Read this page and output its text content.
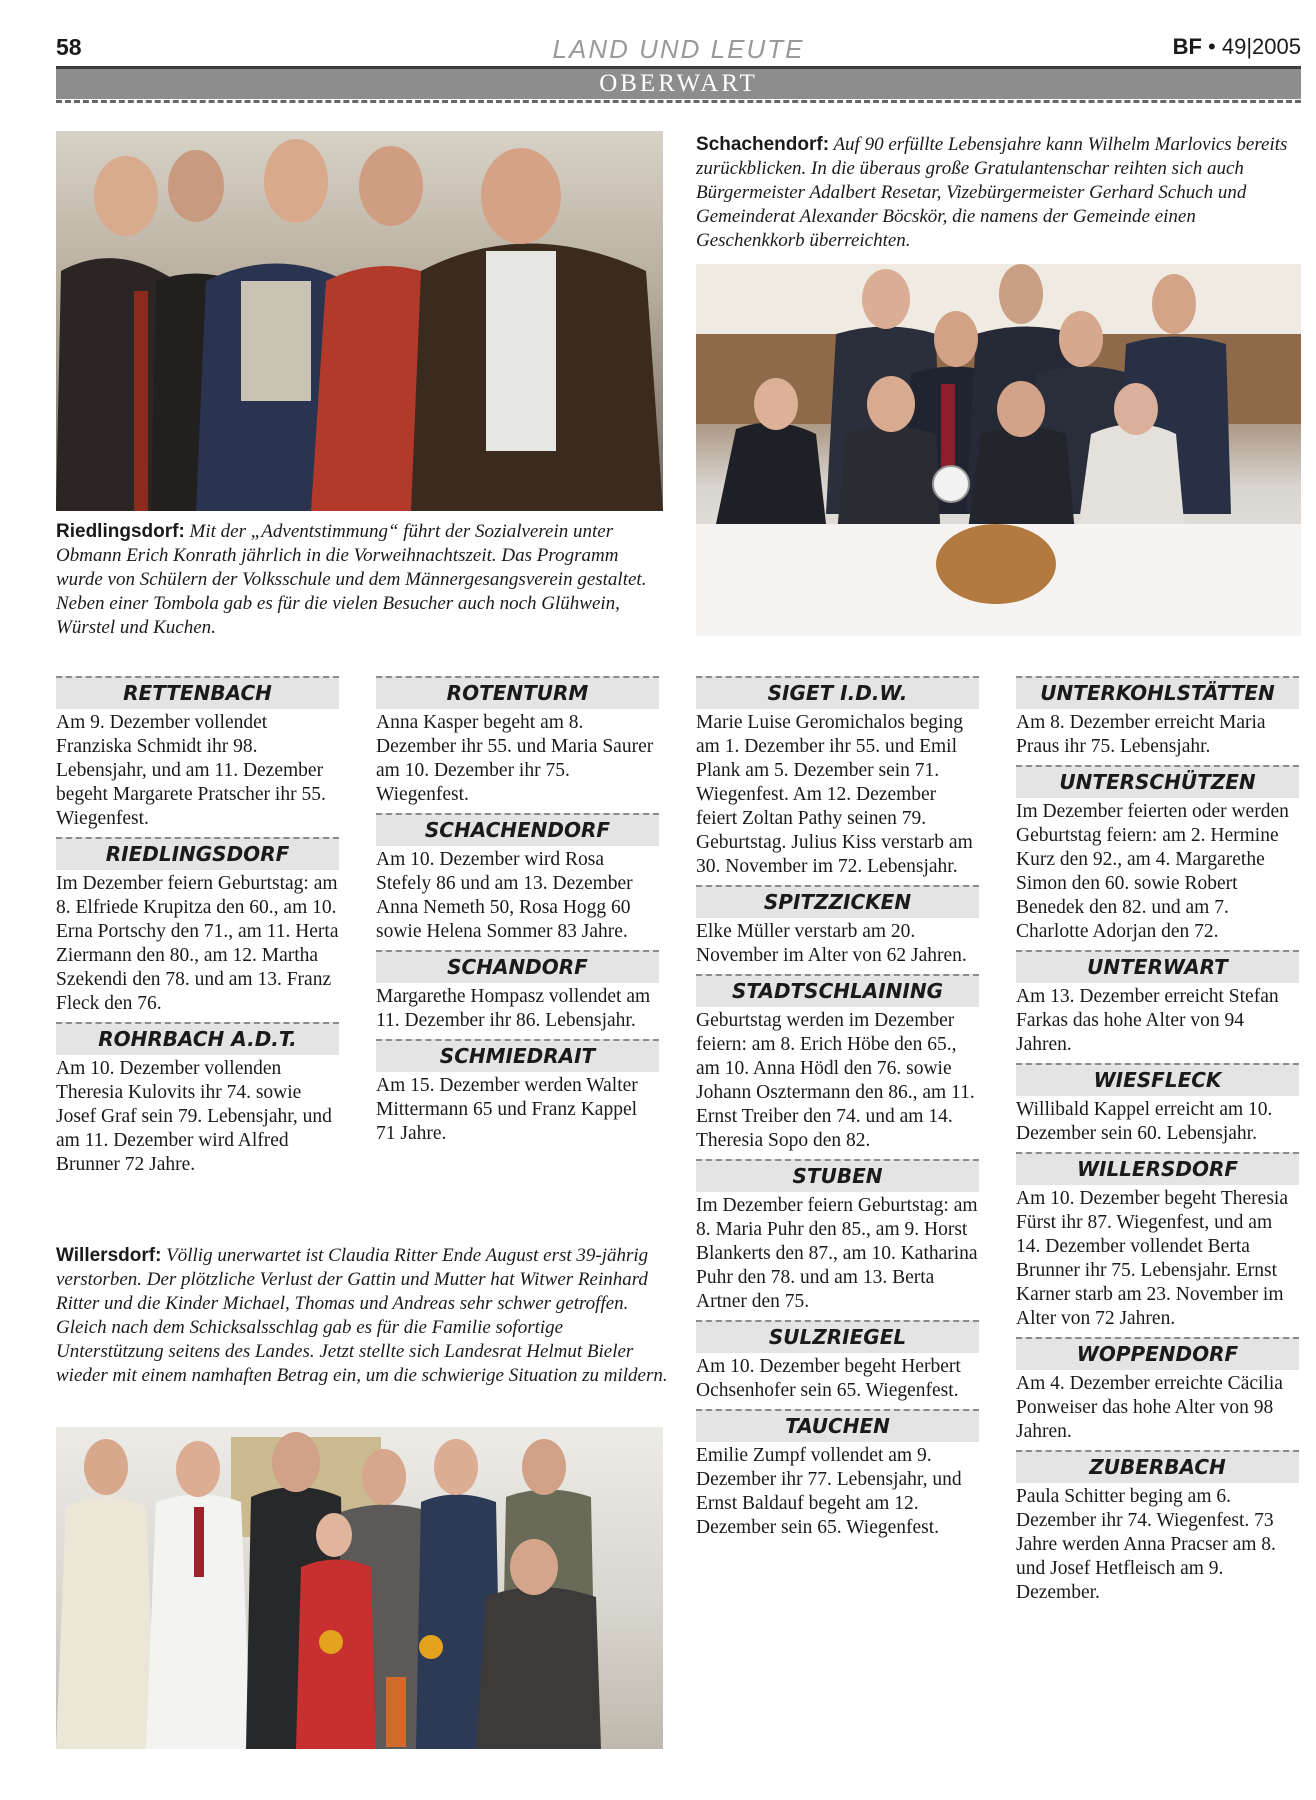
58	LAND UND LEUTE	BF • 49|2005
OBERWART

Riedlingsdorf: Mit der „Adventstimmung“ führt der Sozialverein unter Obmann Erich Konrath jährlich in die Vorweihnachtszeit. Das Programm wurde von Schülern der Volksschule und dem Männergesangsverein gestaltet. Neben einer Tombola gab es für die vielen Besucher auch noch Glühwein, Würstel und Kuchen.

Schachendorf: Auf 90 erfüllte Lebensjahre kann Wilhelm Marlovics bereits zurückblicken. In die überaus große Gratulantenschar reihten sich auch Bürgermeister Adalbert Resetar, Vizebürgermeister Gerhard Schuch und Gemeinderat Alexander Böcskör, die namens der Gemeinde einen Geschenkkorb überreichten.

Willersdorf: Völlig unerwartet ist Claudia Ritter Ende August erst 39-jährig verstorben. Der plötzliche Verlust der Gattin und Mutter hat Witwer Reinhard Ritter und die Kinder Michael, Thomas und Andreas sehr schwer getroffen. Gleich nach dem Schicksalsschlag gab es für die Familie sofortige Unterstützung seitens des Landes. Jetzt stellte sich Landesrat Helmut Bieler wieder mit einem namhaften Betrag ein, um die schwierige Situation zu mildern.

RETTENBACH

Am 9. Dezember vollendet Franziska Schmidt ihr 98. Lebensjahr, und am 11. Dezember begeht Margarete Pratscher ihr 55. Wiegenfest.

RIEDLINGSDORF

Im Dezember feiern Geburtstag: am 8. Elfriede Krupitza den 60., am 10. Erna Portschy den 71., am 11. Herta Ziermann den 80., am 12. Martha Szekendi den 78. und am 13. Franz Fleck den 76.

ROHRBACH A.D.T.

Am 10. Dezember vollenden Theresia Kulovits ihr 74. sowie Josef Graf sein 79. Lebensjahr, und am 11. Dezember wird Alfred Brunner 72 Jahre.

ROTENTURM

Anna Kasper begeht am 8. Dezember ihr 55. und Maria Saurer am 10. Dezember ihr 75. Wiegenfest.

SCHACHENDORF

Am 10. Dezember wird Rosa Stefely 86 und am 13. Dezember Anna Nemeth 50, Rosa Hogg 60 sowie Helena Sommer 83 Jahre.

SCHANDORF

Margarethe Hompasz vollendet am 11. Dezember ihr 86. Lebensjahr.

SCHMIEDRAIT

Am 15. Dezember werden Walter Mittermann 65 und Franz Kappel 71 Jahre.

SIGET I.D.W.

Marie Luise Geromichalos beging am 1. Dezember ihr 55. und Emil Plank am 5. Dezember sein 71. Wiegenfest. Am 12. Dezember feiert Zoltan Pathy seinen 79. Geburtstag. Julius Kiss verstarb am 30. November im 72. Lebensjahr.

SPITZZICKEN

Elke Müller verstarb am 20. November im Alter von 62 Jahren.

STADTSCHLAINING

Geburtstag werden im Dezember feiern: am 8. Erich Höbe den 65., am 10. Anna Hödl den 76. sowie Johann Osztermann den 86., am 11. Ernst Treiber den 74. und am 14. Theresia Sopo den 82.

STUBEN

Im Dezember feiern Geburtstag: am 8. Maria Puhr den 85., am 9. Horst Blankerts den 87., am 10. Katharina Puhr den 78. und am 13. Berta Artner den 75.

SULZRIEGEL

Am 10. Dezember begeht Herbert Ochsenhofer sein 65. Wiegenfest.

TAUCHEN

Emilie Zumpf vollendet am 9. Dezember ihr 77. Lebensjahr, und Ernst Baldauf begeht am 12. Dezember sein 65. Wiegenfest.

UNTERKOHLSTÄTTEN

Am 8. Dezember erreicht Maria Praus ihr 75. Lebensjahr.

UNTERSCHÜTZEN

Im Dezember feierten oder werden Geburtstag feiern: am 2. Hermine Kurz den 92., am 4. Margarethe Simon den 60. sowie Robert Benedek den 82. und am 7. Charlotte Adorjan den 72.

UNTERWART

Am 13. Dezember erreicht Stefan Farkas das hohe Alter von 94 Jahren.

WIESFLECK

Willibald Kappel erreicht am 10. Dezember sein 60. Lebensjahr.

WILLERSDORF

Am 10. Dezember begeht Theresia Fürst ihr 87. Wiegenfest, und am 14. Dezember vollendet Berta Brunner ihr 75. Lebensjahr. Ernst Karner starb am 23. November im Alter von 72 Jahren.

WOPPENDORF

Am 4. Dezember erreichte Cäcilia Ponweiser das hohe Alter von 98 Jahren.

ZUBERBACH

Paula Schitter beging am 6. Dezember ihr 74. Wiegenfest. 73 Jahre werden Anna Pracser am 8. und Josef Hetfleisch am 9. Dezember.
